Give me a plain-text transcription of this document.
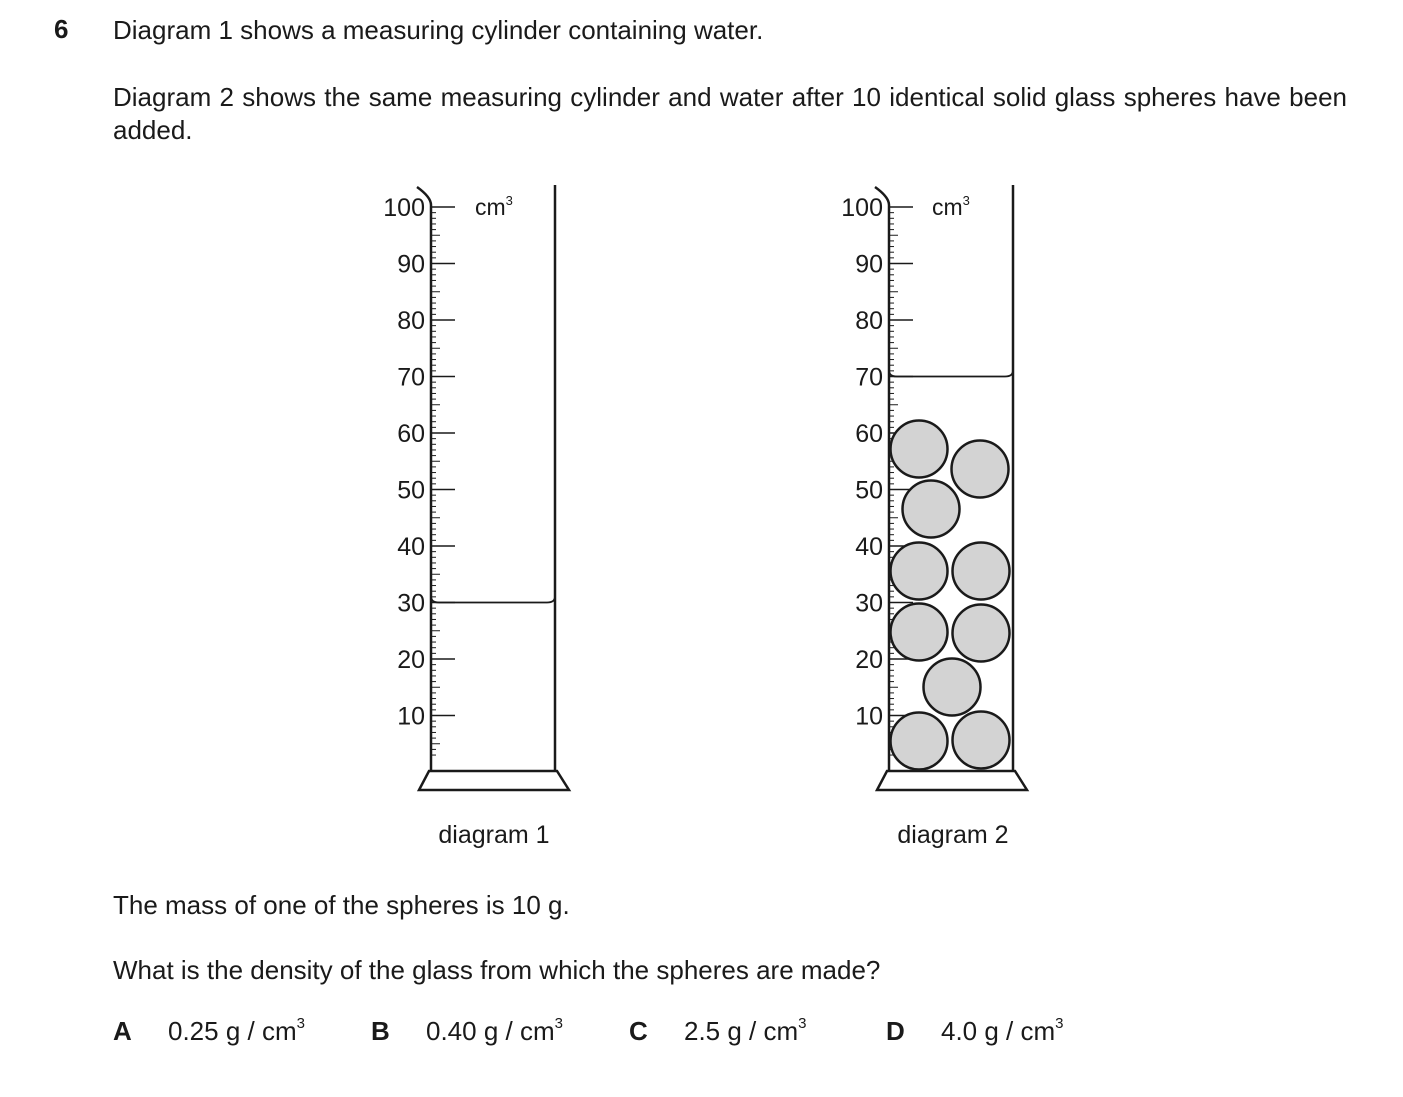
6 Diagram 1 shows a measuring cylinder containing water.
Diagram 2 shows the same measuring cylinder and water after 10 identical solid glass spheres have been added.
100
90
80
70
60
50
40
30
20
10
$cm^3$
diagram 1
100
90
80
70
60
50
40
30
20
10
$cm^3$
diagram 2
The mass of one of the spheres is 10 g.
What is the density of the glass from which the spheres are made?
A 0.25 g / $cm^3$	B 0.40 g / $cm^3$	C 2.5 g / $cm^3$	D 4.0 g / $cm^3$
